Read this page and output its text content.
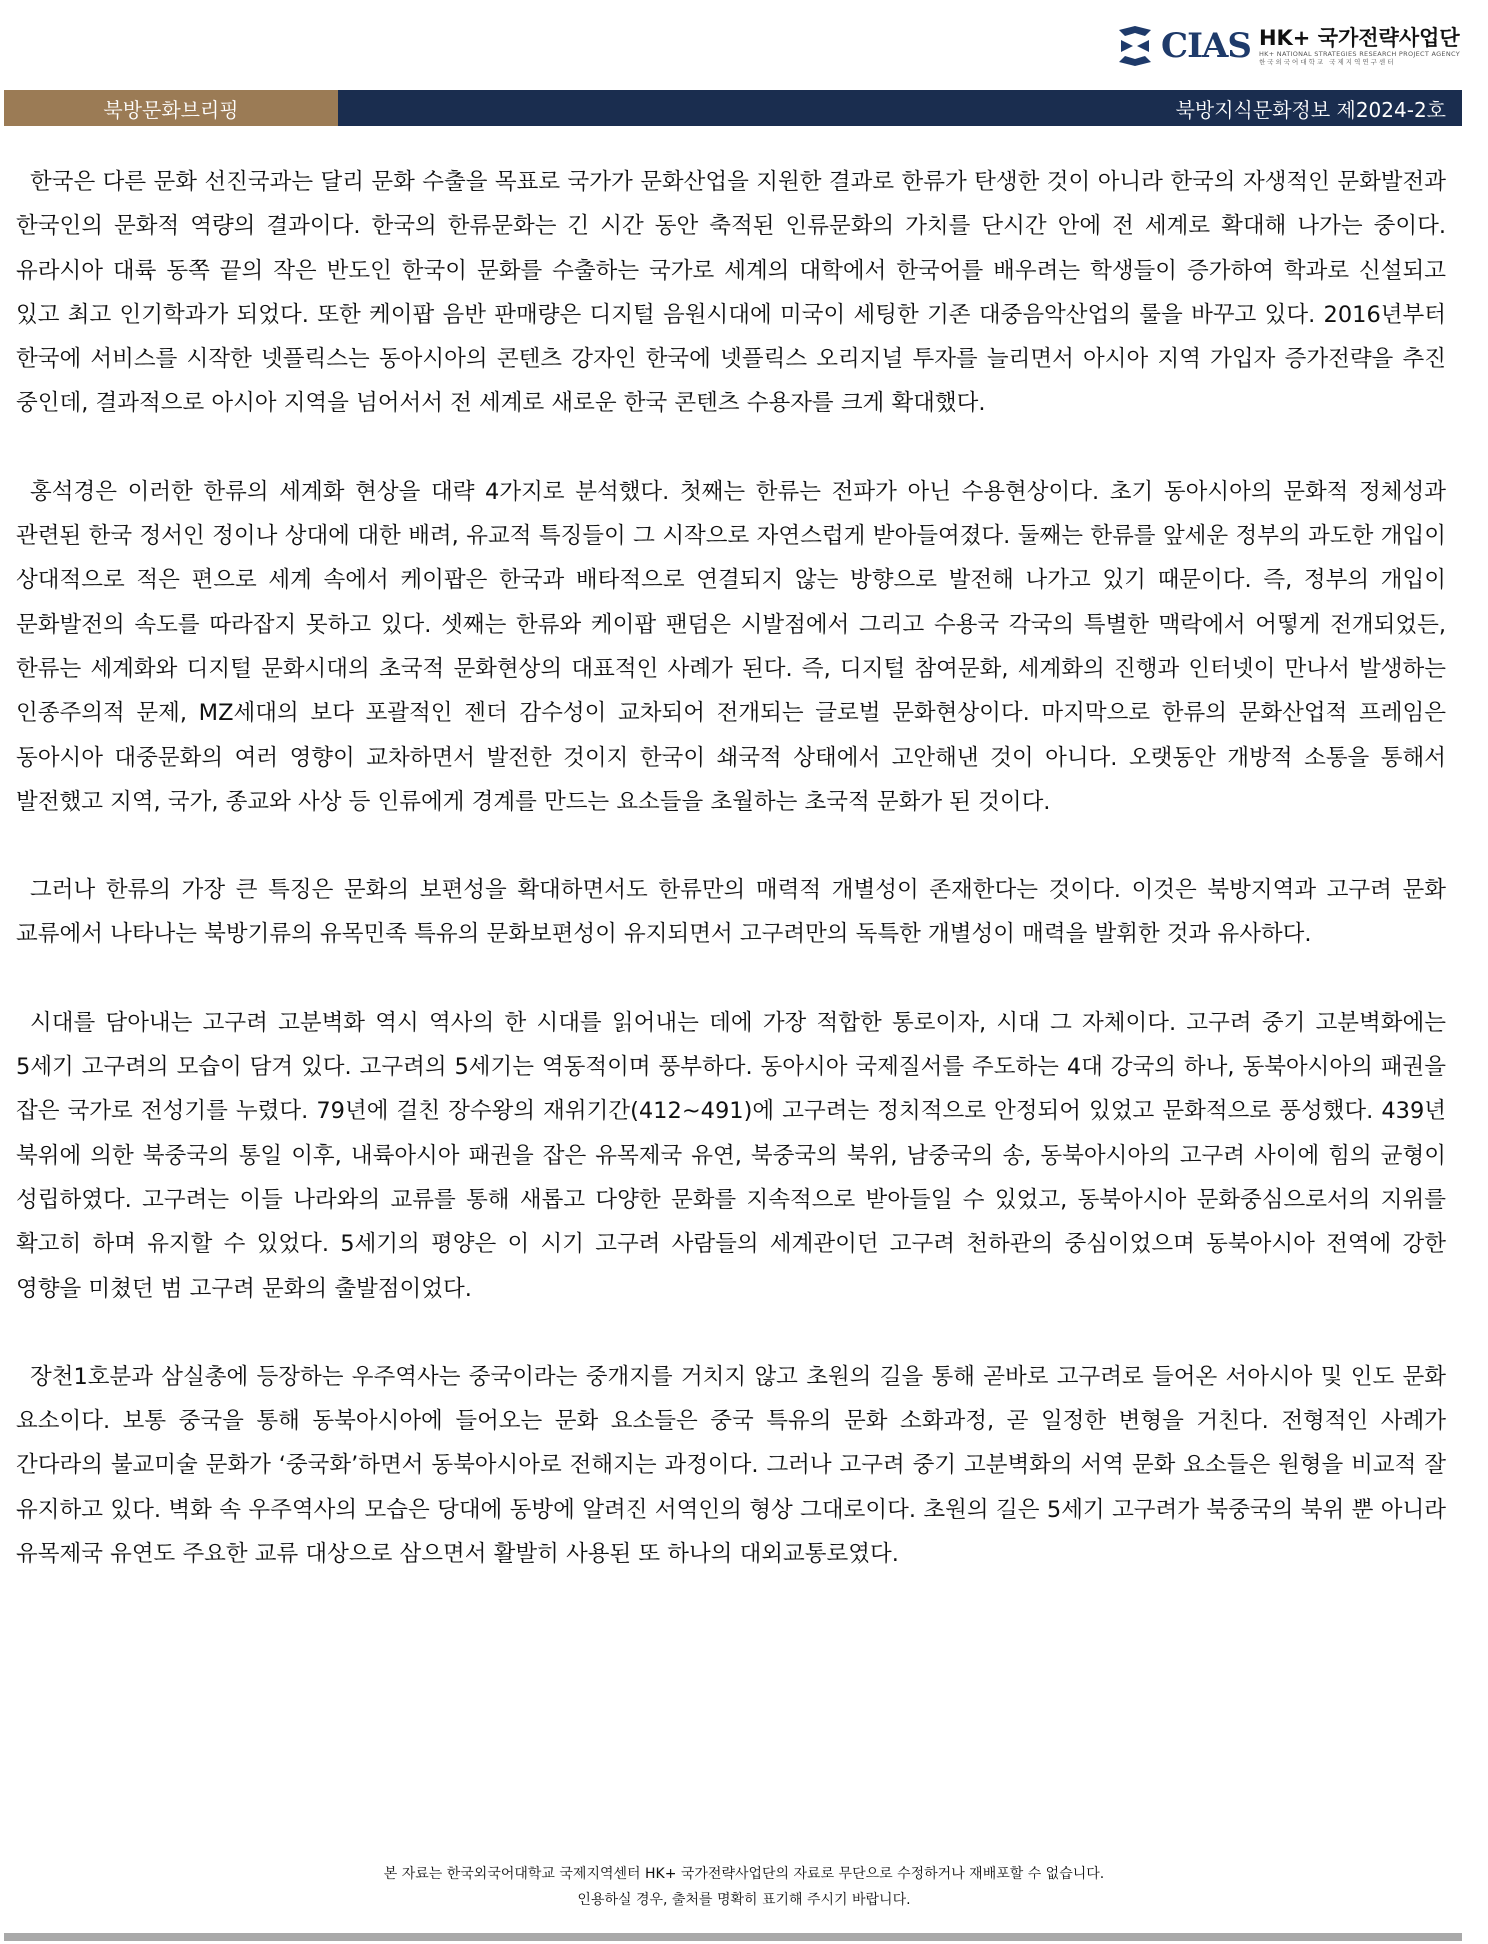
CIAS HK+ 국가전략사업단
HK+ NATIONAL STRATEGIES RESEARCH PROJECT AGENCY
한국외국어대학교 국제지역연구센터
북방문화브리핑	북방지식문화정보 제2024-2호

한국은 다른 문화 선진국과는 달리 문화 수출을 목표로 국가가 문화산업을 지원한 결과로 한류가 탄생한 것이 아니라 한국의 자생적인 문화발전과 한국인의 문화적 역량의 결과이다. 한국의 한류문화는 긴 시간 동안 축적된 인류문화의 가치를 단시간 안에 전 세계로 확대해 나가는 중이다. 유라시아 대륙 동쪽 끝의 작은 반도인 한국이 문화를 수출하는 국가로 세계의 대학에서 한국어를 배우려는 학생들이 증가하여 학과로 신설되고 있고 최고 인기학과가 되었다. 또한 케이팝 음반 판매량은 디지털 음원시대에 미국이 세팅한 기존 대중음악산업의 룰을 바꾸고 있다. 2016년부터 한국에 서비스를 시작한 넷플릭스는 동아시아의 콘텐츠 강자인 한국에 넷플릭스 오리지널 투자를 늘리면서 아시아 지역 가입자 증가전략을 추진 중인데, 결과적으로 아시아 지역을 넘어서서 전 세계로 새로운 한국 콘텐츠 수용자를 크게 확대했다.

홍석경은 이러한 한류의 세계화 현상을 대략 4가지로 분석했다. 첫째는 한류는 전파가 아닌 수용현상이다. 초기 동아시아의 문화적 정체성과 관련된 한국 정서인 정이나 상대에 대한 배려, 유교적 특징들이 그 시작으로 자연스럽게 받아들여졌다. 둘째는 한류를 앞세운 정부의 과도한 개입이 상대적으로 적은 편으로 세계 속에서 케이팝은 한국과 배타적으로 연결되지 않는 방향으로 발전해 나가고 있기 때문이다. 즉, 정부의 개입이 문화발전의 속도를 따라잡지 못하고 있다. 셋째는 한류와 케이팝 팬덤은 시발점에서 그리고 수용국 각국의 특별한 맥락에서 어떻게 전개되었든, 한류는 세계화와 디지털 문화시대의 초국적 문화현상의 대표적인 사례가 된다. 즉, 디지털 참여문화, 세계화의 진행과 인터넷이 만나서 발생하는 인종주의적 문제, MZ세대의 보다 포괄적인 젠더 감수성이 교차되어 전개되는 글로벌 문화현상이다. 마지막으로 한류의 문화산업적 프레임은 동아시아 대중문화의 여러 영향이 교차하면서 발전한 것이지 한국이 쇄국적 상태에서 고안해낸 것이 아니다. 오랫동안 개방적 소통을 통해서 발전했고 지역, 국가, 종교와 사상 등 인류에게 경계를 만드는 요소들을 초월하는 초국적 문화가 된 것이다.

그러나 한류의 가장 큰 특징은 문화의 보편성을 확대하면서도 한류만의 매력적 개별성이 존재한다는 것이다. 이것은 북방지역과 고구려 문화 교류에서 나타나는 북방기류의 유목민족 특유의 문화보편성이 유지되면서 고구려만의 독특한 개별성이 매력을 발휘한 것과 유사하다.

시대를 담아내는 고구려 고분벽화 역시 역사의 한 시대를 읽어내는 데에 가장 적합한 통로이자, 시대 그 자체이다. 고구려 중기 고분벽화에는 5세기 고구려의 모습이 담겨 있다. 고구려의 5세기는 역동적이며 풍부하다. 동아시아 국제질서를 주도하는 4대 강국의 하나, 동북아시아의 패권을 잡은 국가로 전성기를 누렸다. 79년에 걸친 장수왕의 재위기간(412~491)에 고구려는 정치적으로 안정되어 있었고 문화적으로 풍성했다. 439년 북위에 의한 북중국의 통일 이후, 내륙아시아 패권을 잡은 유목제국 유연, 북중국의 북위, 남중국의 송, 동북아시아의 고구려 사이에 힘의 균형이 성립하였다. 고구려는 이들 나라와의 교류를 통해 새롭고 다양한 문화를 지속적으로 받아들일 수 있었고, 동북아시아 문화중심으로서의 지위를 확고히 하며 유지할 수 있었다. 5세기의 평양은 이 시기 고구려 사람들의 세계관이던 고구려 천하관의 중심이었으며 동북아시아 전역에 강한 영향을 미쳤던 범 고구려 문화의 출발점이었다.

장천1호분과 삼실총에 등장하는 우주역사는 중국이라는 중개지를 거치지 않고 초원의 길을 통해 곧바로 고구려로 들어온 서아시아 및 인도 문화 요소이다. 보통 중국을 통해 동북아시아에 들어오는 문화 요소들은 중국 특유의 문화 소화과정, 곧 일정한 변형을 거친다. 전형적인 사례가 간다라의 불교미술 문화가 ‘중국화’하면서 동북아시아로 전해지는 과정이다. 그러나 고구려 중기 고분벽화의 서역 문화 요소들은 원형을 비교적 잘 유지하고 있다. 벽화 속 우주역사의 모습은 당대에 동방에 알려진 서역인의 형상 그대로이다. 초원의 길은 5세기 고구려가 북중국의 북위 뿐 아니라 유목제국 유연도 주요한 교류 대상으로 삼으면서 활발히 사용된 또 하나의 대외교통로였다.

본 자료는 한국외국어대학교 국제지역센터 HK+ 국가전략사업단의 자료로 무단으로 수정하거나 재배포할 수 없습니다.
인용하실 경우, 출처를 명확히 표기해 주시기 바랍니다.
